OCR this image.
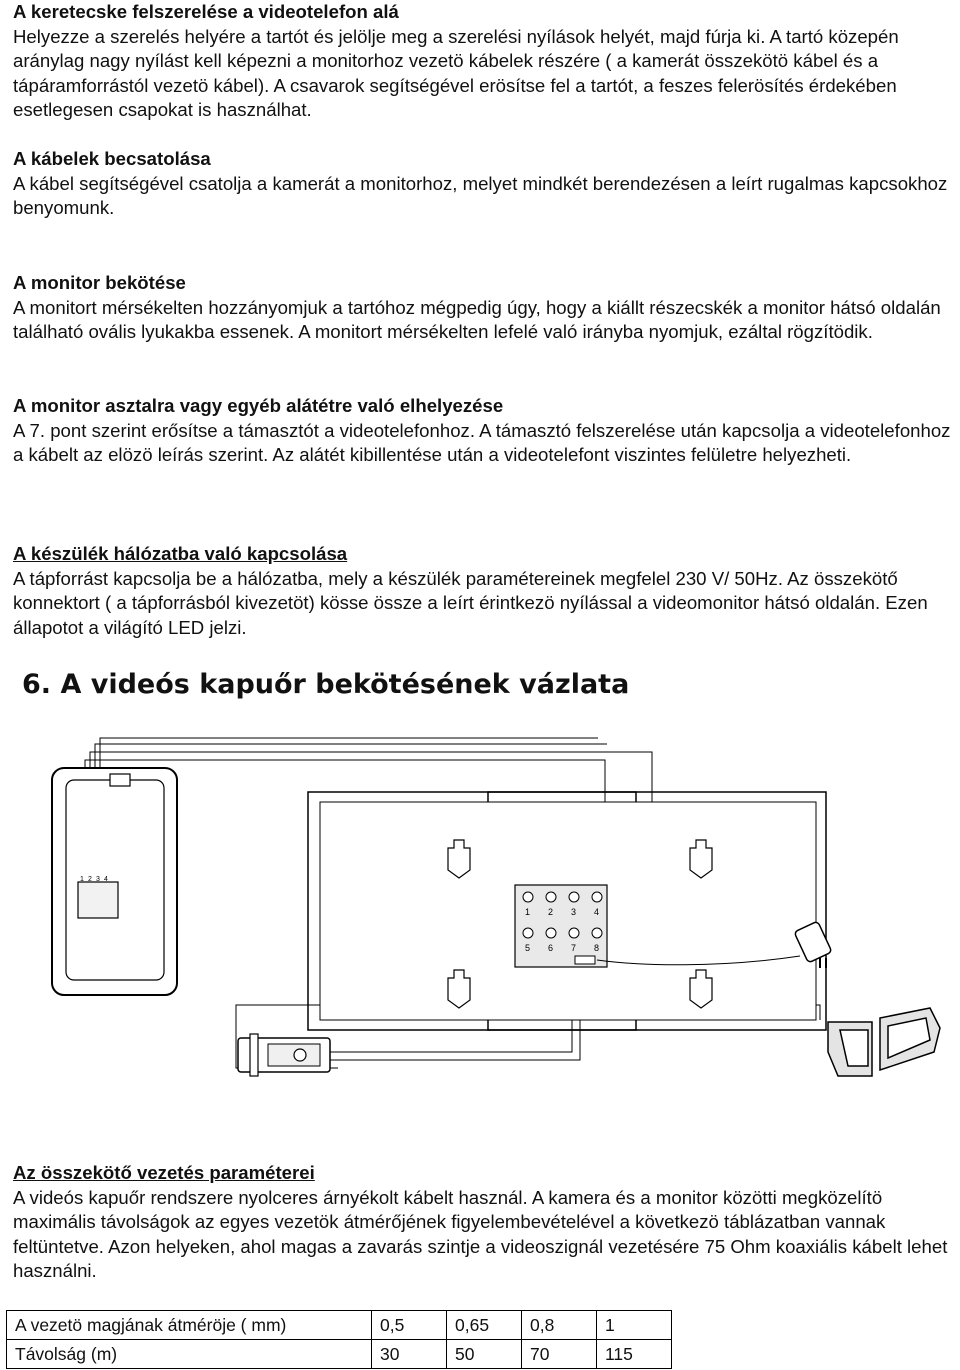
A keretecske felszerelése a videotelefon alá

Helyezze a szerelés helyére a tartót és jelölje meg a szerelési nyílások helyét, majd fúrja ki. A tartó közepén aránylag nagy nyílást kell képezni a monitorhoz vezetö kábelek részére ( a kamerát összekötö kábel és a tápáramforrástól vezetö kábel). A csavarok segítségével erösítse fel a tartót, a feszes felerösítés érdekében esetlegesen csapokat is használhat.

A kábelek becsatolása

A kábel segítségével csatolja a kamerát a monitorhoz, melyet mindkét berendezésen a leírt rugalmas kapcsokhoz benyomunk.

A monitor bekötése

A monitort mérsékelten hozzányomjuk a tartóhoz mégpedig úgy, hogy a kiállt részecskék a monitor hátsó oldalán található ovális lyukakba essenek. A monitort mérsékelten lefelé való irányba nyomjuk, ezáltal rögzítödik.

A monitor asztalra vagy egyéb alátétre való elhelyezése

A 7. pont szerint erősítse a támasztót a videotelefonhoz. A támasztó felszerelése után kapcsolja a videotelefonhoz a kábelt az elözö leírás szerint. Az alátét kibillentése után a videotelefont viszintes felületre helyezheti.

A készülék hálózatba való kapcsolása

A tápforrást kapcsolja be a hálózatba, mely a készülék paramétereinek megfelel 230 V/ 50Hz. Az összekötő konnektort ( a tápforrásból kivezetöt) kösse össze a leírt érintkezö nyílással a videomonitor hátsó oldalán. Ezen állapotot a világító LED jelzi.

6. A videós kapuőr bekötésének vázlata
1 2 3 4
1 2 3 4
5 6 7 8

Az összekötő vezetés paraméterei

A videós kapuőr rendszere nyolceres árnyékolt kábelt használ. A kamera és a monitor közötti megközelítö maximális távolságok az egyes vezetök átmérőjének figyelembevételével a következö táblázatban vannak feltüntetve. Azon helyeken, ahol magas a zavarás szintje a videoszignál vezetésére 75 Ohm koaxiális kábelt lehet használni.

A vezetö magjának átméröje ( mm)	0,5	0,65	0,8	1
Távolság (m)	30	50	70	115
